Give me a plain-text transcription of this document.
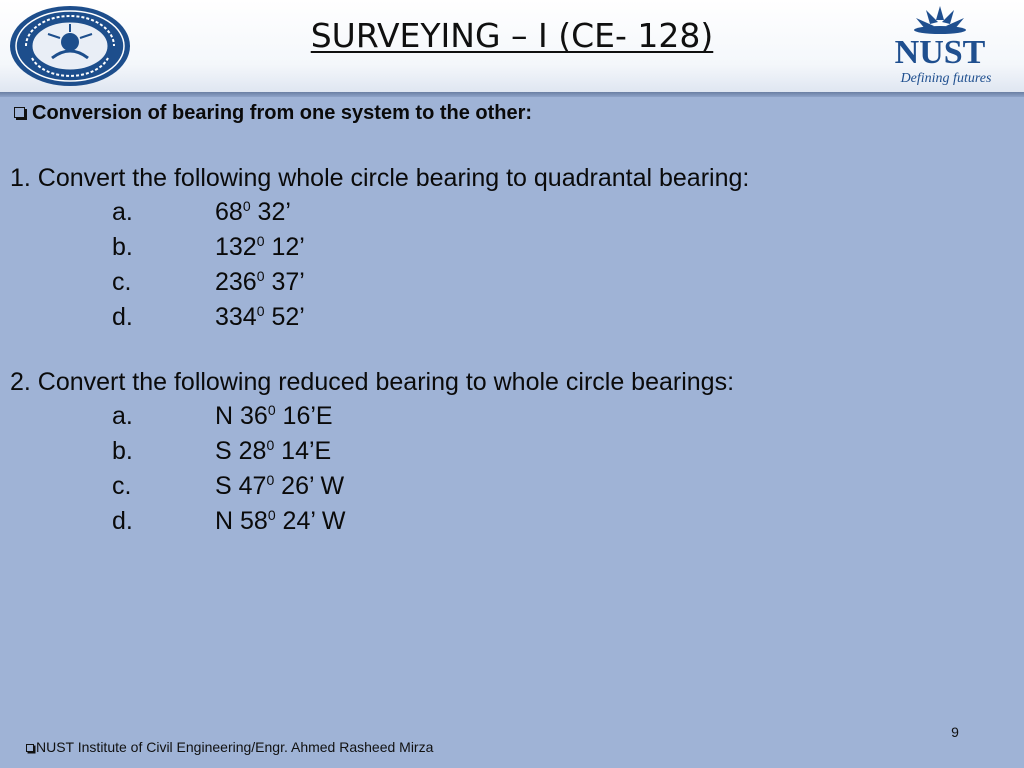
SURVEYING – I (CE- 128)	NUST
Defining futures
Conversion of bearing from one system to the other:
1. Convert the following whole circle bearing to quadrantal bearing:
a.	$68^0$ 32’
b.	$132^0$ 12’
c.	$236^0$ 37’
d.	$334^0$ 52’
2. Convert the following reduced bearing to whole circle bearings:
a.	N $36^0$ 16’E
b.	S $28^0$ 14’E
c.	S $47^0$ 26’ W
d.	N $58^0$ 24’ W
9
NUST Institute of Civil Engineering/Engr. Ahmed Rasheed Mirza
